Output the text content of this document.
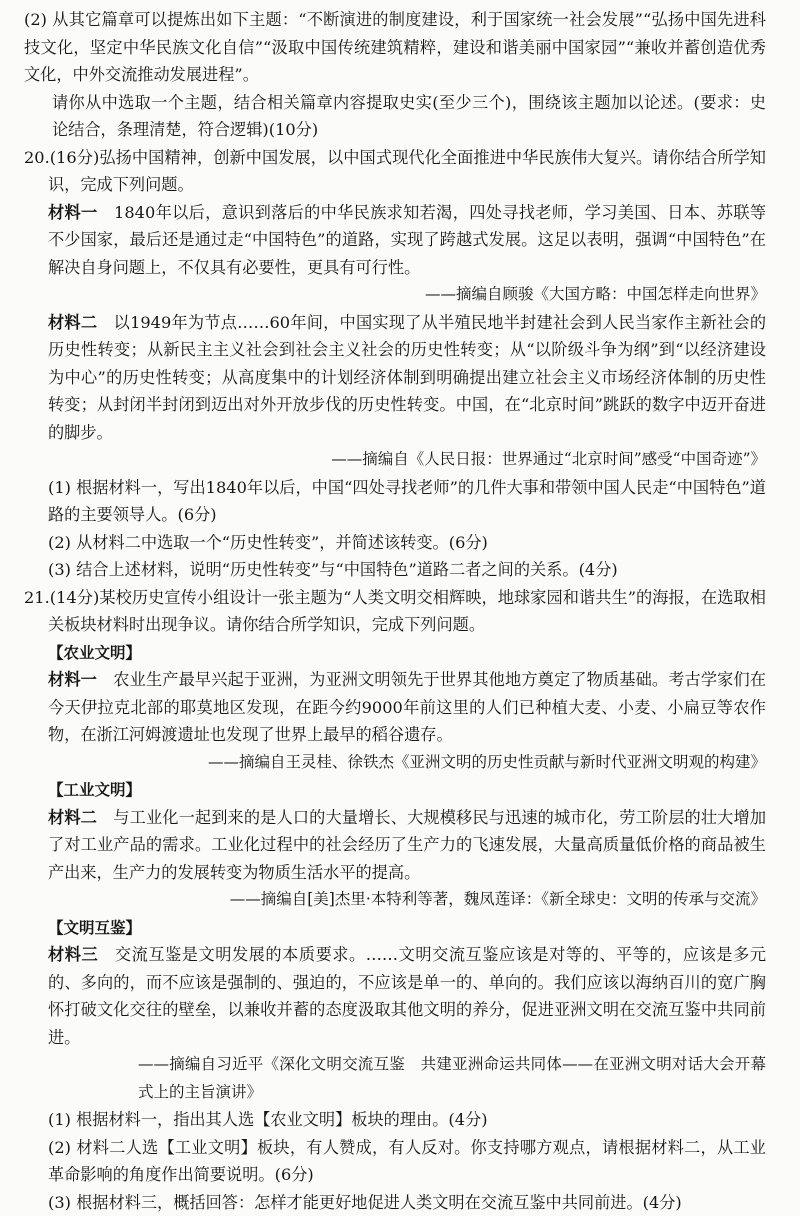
(2) 从其它篇章可以提炼出如下主题：“不断演进的制度建设，利于国家统一社会发展”“弘扬中国先进科技文化，坚定中华民族文化自信”“汲取中国传统建筑精粹，建设和谐美丽中国家园”“兼收并蓄创造优秀文化，中外交流推动发展进程”。

请你从中选取一个主题，结合相关篇章内容提取史实(至少三个)，围绕该主题加以论述。(要求：史论结合，条理清楚，符合逻辑)(10分)

20.(16分)弘扬中国精神，创新中国发展，以中国式现代化全面推进中华民族伟大复兴。请你结合所学知识，完成下列问题。

材料一　 1840年以后，意识到落后的中华民族求知若渴，四处寻找老师，学习美国、日本、苏联等不少国家，最后还是通过走“中国特色”的道路，实现了跨越式发展。这足以表明，强调“中国特色”在解决自身问题上，不仅具有必要性，更具有可行性。

——摘编自顾骏《大国方略：中国怎样走向世界》

材料二　 以1949年为节点……60年间，中国实现了从半殖民地半封建社会到人民当家作主新社会的历史性转变；从新民主主义社会到社会主义社会的历史性转变；从“以阶级斗争为纲”到“以经济建设为中心”的历史性转变；从高度集中的计划经济体制到明确提出建立社会主义市场经济体制的历史性转变；从封闭半封闭到迈出对外开放步伐的历史性转变。中国，在“北京时间”跳跃的数字中迈开奋进的脚步。

——摘编自《人民日报：世界通过“北京时间”感受“中国奇迹”》

(1) 根据材料一，写出1840年以后，中国“四处寻找老师”的几件大事和带领中国人民走“中国特色”道路的主要领导人。(6分)

(2) 从材料二中选取一个“历史性转变”，并简述该转变。(6分)

(3) 结合上述材料，说明“历史性转变”与“中国特色”道路二者之间的关系。(4分)

21.(14分)某校历史宣传小组设计一张主题为“人类文明交相辉映，地球家园和谐共生”的海报，在选取相关板块材料时出现争议。请你结合所学知识，完成下列问题。

【农业文明】

材料一　 农业生产最早兴起于亚洲，为亚洲文明领先于世界其他地方奠定了物质基础。考古学家们在今天伊拉克北部的耶莫地区发现，在距今约9000年前这里的人们已种植大麦、小麦、小扁豆等农作物，在浙江河姆渡遗址也发现了世界上最早的稻谷遗存。

——摘编自王灵桂、徐铁杰《亚洲文明的历史性贡献与新时代亚洲文明观的构建》

【工业文明】

材料二　 与工业化一起到来的是人口的大量增长、大规模移民与迅速的城市化，劳工阶层的壮大增加了对工业产品的需求。工业化过程中的社会经历了生产力的飞速发展，大量高质量低价格的商品被生产出来，生产力的发展转变为物质生活水平的提高。

——摘编自[美]杰里·本特利等著，魏凤莲译：《新全球史：文明的传承与交流》

【文明互鉴】

材料三　 交流互鉴是文明发展的本质要求。……文明交流互鉴应该是对等的、平等的，应该是多元的、多向的，而不应该是强制的、强迫的，不应该是单一的、单向的。我们应该以海纳百川的宽广胸怀打破文化交往的壁垒，以兼收并蓄的态度汲取其他文明的养分，促进亚洲文明在交流互鉴中共同前进。

——摘编自习近平《深化文明交流互鉴　共建亚洲命运共同体——在亚洲文明对话大会开幕式上的主旨演讲》

(1) 根据材料一，指出其人选【农业文明】板块的理由。(4分)

(2) 材料二人选【工业文明】板块，有人赞成，有人反对。你支持哪方观点，请根据材料二，从工业革命影响的角度作出简要说明。(6分)

(3) 根据材料三，概括回答：怎样才能更好地促进人类文明在交流互鉴中共同前进。(4分)
